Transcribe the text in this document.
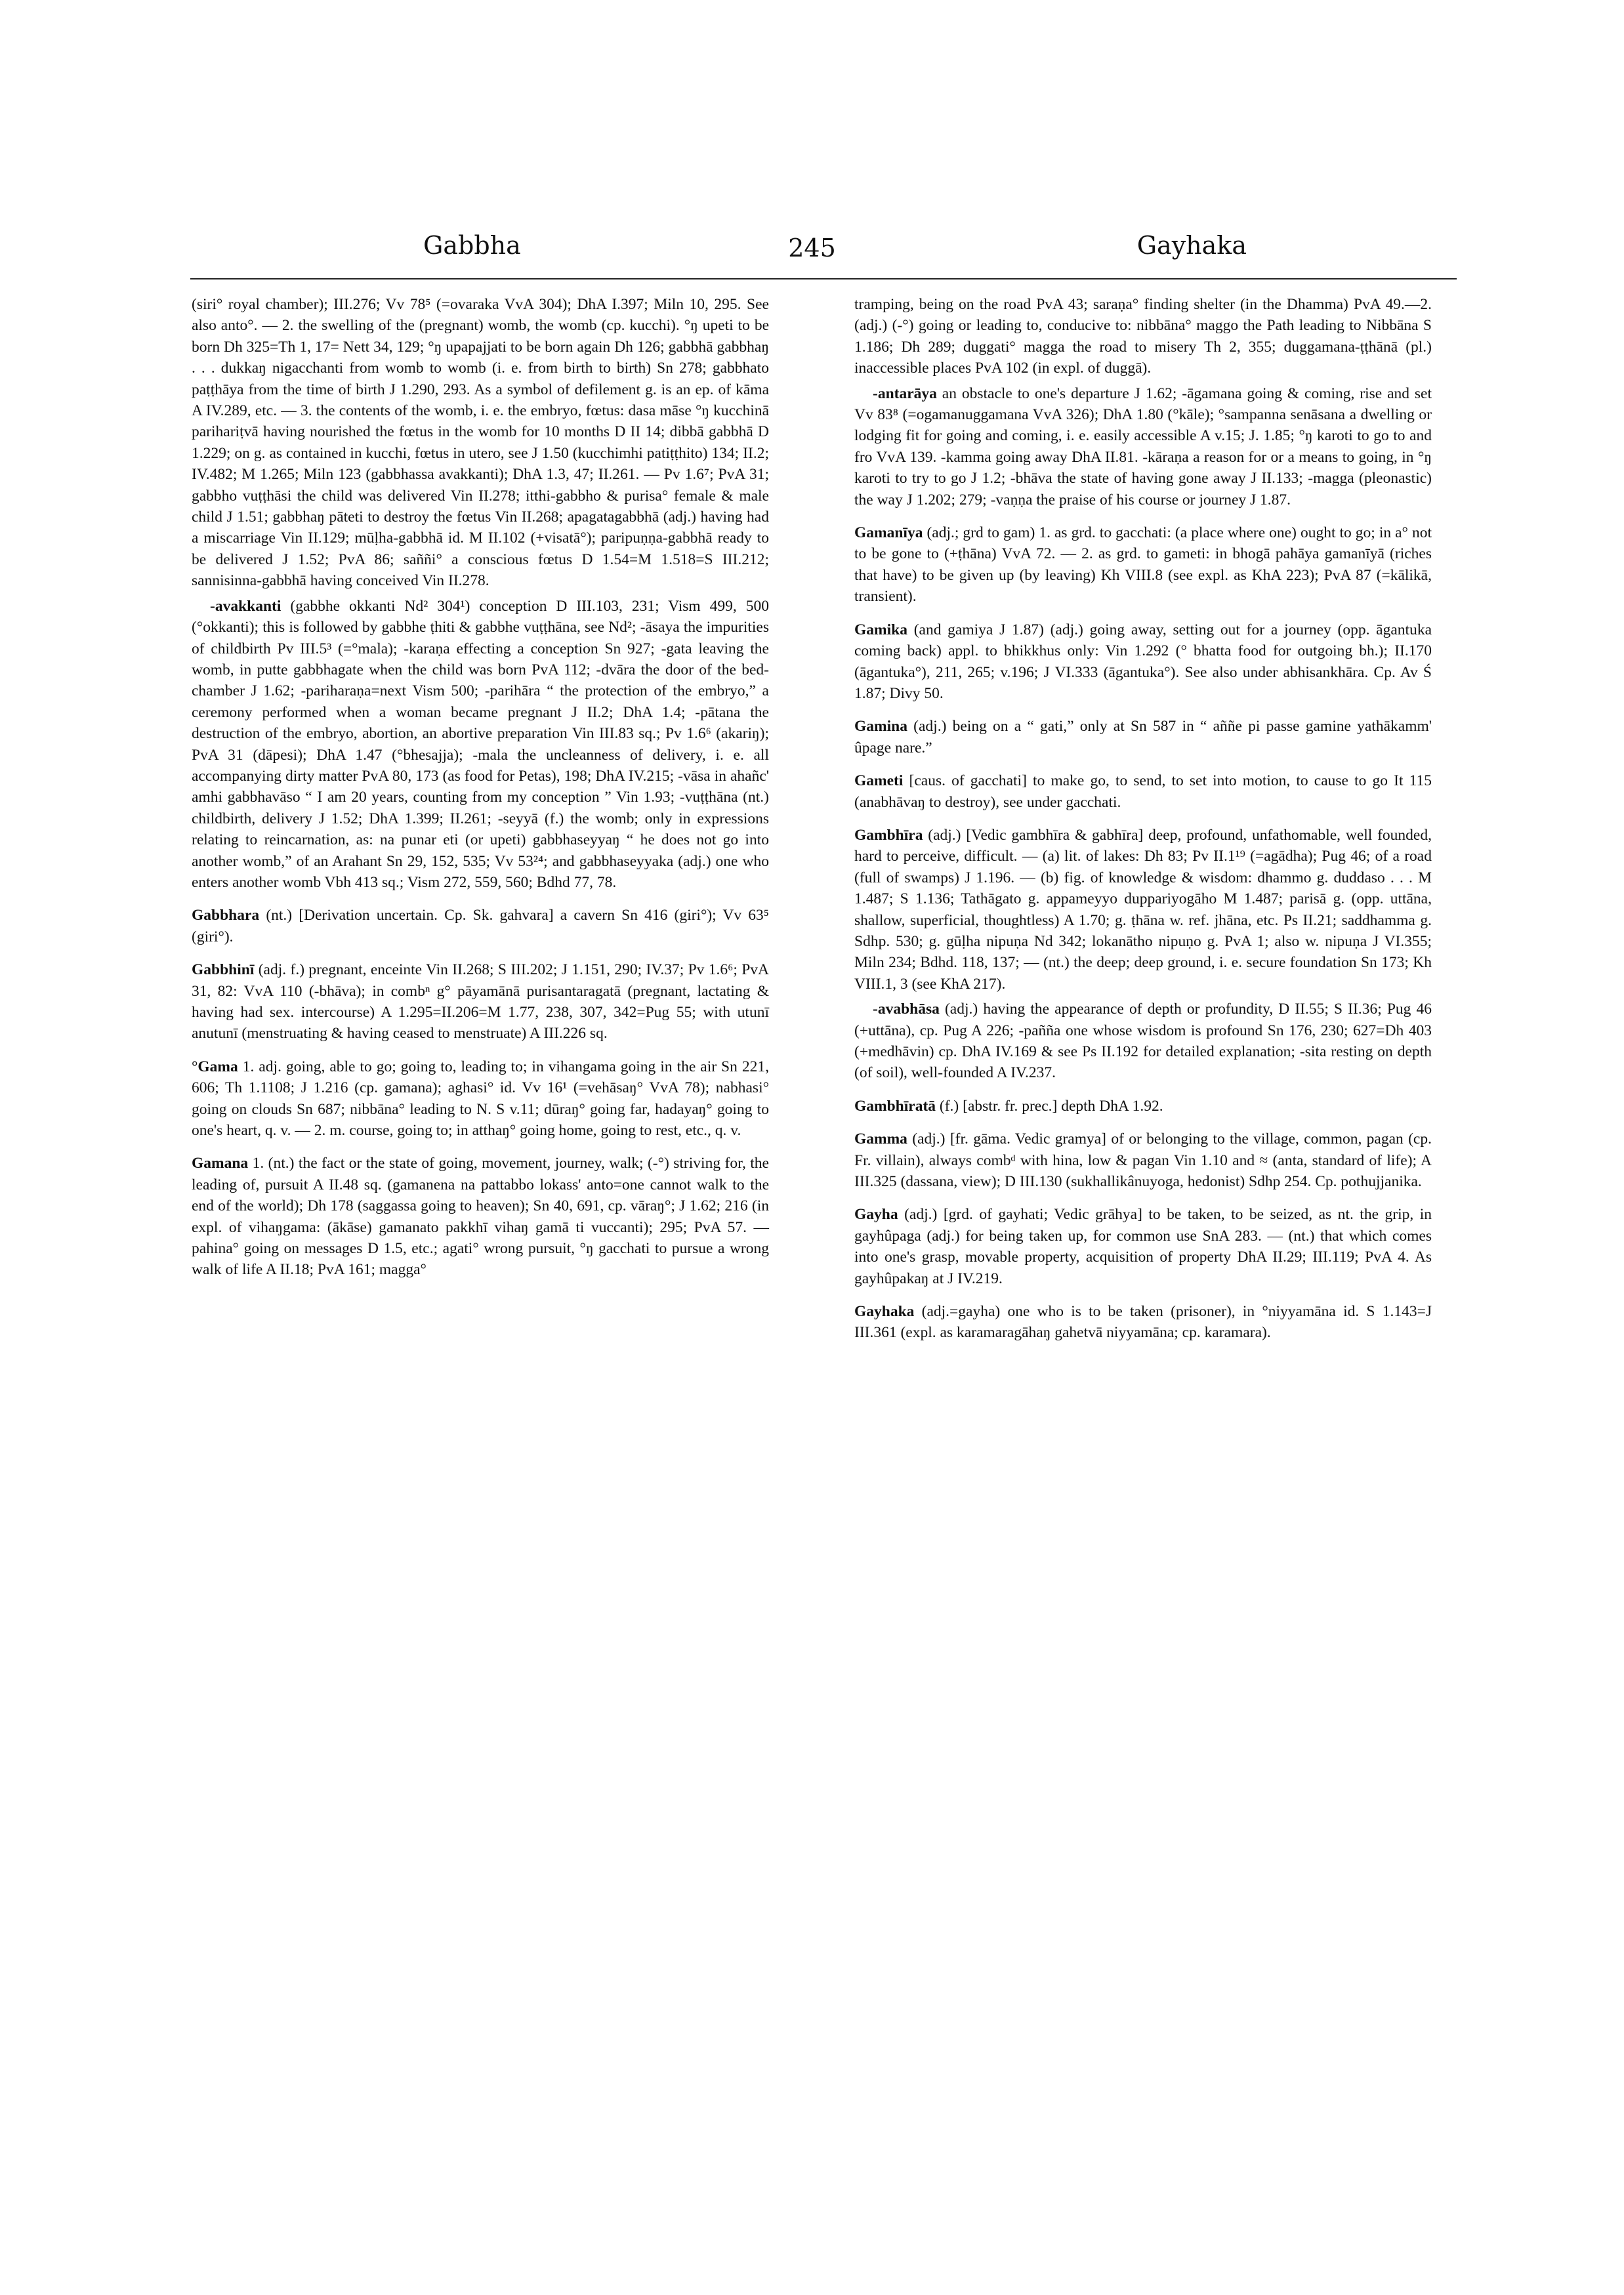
Gabbha	245	Gayhaka

(siri° royal chamber); III.276; Vv 78⁵ (=ovaraka VvA 304); DhA I.397; Miln 10, 295. See also anto°. — 2. the swelling of the (pregnant) womb, the womb (cp. kucchi). °ŋ upeti to be born Dh 325=Th 1, 17= Nett 34, 129; °ŋ upapajjati to be born again Dh 126; gabbhā gabbhaŋ . . . dukkaŋ nigacchanti from womb to womb (i. e. from birth to birth) Sn 278; gabbhato paṭṭhāya from the time of birth J 1.290, 293. As a symbol of defilement g. is an ep. of kāma A IV.289, etc. — 3. the contents of the womb, i. e. the embryo, fœtus: dasa māse °ŋ kucchinā parihariṭvā having nourished the fœtus in the womb for 10 months D II 14; dibbā gabbhā D 1.229; on g. as contained in kucchi, fœtus in utero, see J 1.50 (kucchimhi patiṭṭhito) 134; II.2; IV.482; M 1.265; Miln 123 (gabbhassa avakkanti); DhA 1.3, 47; II.261. — Pv 1.6⁷; PvA 31; gabbho vuṭṭhāsi the child was delivered Vin II.278; itthi-gabbho & purisa° female & male child J 1.51; gabbhaŋ pāteti to destroy the fœtus Vin II.268; apagatagabbhā (adj.) having had a miscarriage Vin II.129; mūḷha-gabbhā id. M II.102 (+visatā°); paripuṇṇa-gabbhā ready to be delivered J 1.52; PvA 86; saññi° a conscious fœtus D 1.54=M 1.518=S III.212; sannisinna-gabbhā having conceived Vin II.278.

-avakkanti (gabbhe okkanti Nd² 304¹) conception D III.103, 231; Vism 499, 500 (°okkanti); this is followed by gabbhe ṭhiti & gabbhe vuṭṭhāna, see Nd²; -āsaya the impurities of childbirth Pv III.5³ (=°mala); -karaṇa effecting a conception Sn 927; -gata leaving the womb, in putte gabbhagate when the child was born PvA 112; -dvāra the door of the bed-chamber J 1.62; -pariharaṇa=next Vism 500; -parihāra “ the protection of the embryo,” a ceremony performed when a woman became pregnant J II.2; DhA 1.4; -pātana the destruction of the embryo, abortion, an abortive preparation Vin III.83 sq.; Pv 1.6⁶ (akariŋ); PvA 31 (dāpesi); DhA 1.47 (°bhesajja); -mala the uncleanness of delivery, i. e. all accompanying dirty matter PvA 80, 173 (as food for Petas), 198; DhA IV.215; -vāsa in ahañc' amhi gabbhavāso “ I am 20 years, counting from my conception ” Vin 1.93; -vuṭṭhāna (nt.) childbirth, delivery J 1.52; DhA 1.399; II.261; -seyyā (f.) the womb; only in expressions relating to reincarnation, as: na punar eti (or upeti) gabbhaseyyaŋ “ he does not go into another womb,” of an Arahant Sn 29, 152, 535; Vv 53²⁴; and gabbhaseyyaka (adj.) one who enters another womb Vbh 413 sq.; Vism 272, 559, 560; Bdhd 77, 78.

Gabbhara (nt.) [Derivation uncertain. Cp. Sk. gahvara] a cavern Sn 416 (giri°); Vv 63⁵ (giri°).

Gabbhinī (adj. f.) pregnant, enceinte Vin II.268; S III.202; J 1.151, 290; IV.37; Pv 1.6⁶; PvA 31, 82: VvA 110 (-bhāva); in combⁿ g° pāyamānā purisantaragatā (pregnant, lactating & having had sex. intercourse) A 1.295=II.206=M 1.77, 238, 307, 342=Pug 55; with utunī anutunī (menstruating & having ceased to menstruate) A III.226 sq.

°Gama 1. adj. going, able to go; going to, leading to; in vihangama going in the air Sn 221, 606; Th 1.1108; J 1.216 (cp. gamana); aghasi° id. Vv 16¹ (=vehāsaŋ° VvA 78); nabhasi° going on clouds Sn 687; nibbāna° leading to N. S v.11; dūraŋ° going far, hadayaŋ° going to one's heart, q. v. — 2. m. course, going to; in atthaŋ° going home, going to rest, etc., q. v.

Gamana 1. (nt.) the fact or the state of going, movement, journey, walk; (-°) striving for, the leading of, pursuit A II.48 sq. (gamanena na pattabbo lokass' anto=one cannot walk to the end of the world); Dh 178 (saggassa going to heaven); Sn 40, 691, cp. vāraŋ°; J 1.62; 216 (in expl. of vihaŋgama: (ākāse) gamanato pakkhī vihaŋ gamā ti vuccanti); 295; PvA 57. — pahina° going on messages D 1.5, etc.; agati° wrong pursuit, °ŋ gacchati to pursue a wrong walk of life A II.18; PvA 161; magga°

tramping, being on the road PvA 43; saraṇa° finding shelter (in the Dhamma) PvA 49.—2. (adj.) (-°) going or leading to, conducive to: nibbāna° maggo the Path leading to Nibbāna S 1.186; Dh 289; duggati° magga the road to misery Th 2, 355; duggamana-ṭṭhānā (pl.) inaccessible places PvA 102 (in expl. of duggā).

-antarāya an obstacle to one's departure J 1.62; -āgamana going & coming, rise and set Vv 83⁸ (=ogamanuggamana VvA 326); DhA 1.80 (°kāle); °sampanna senāsana a dwelling or lodging fit for going and coming, i. e. easily accessible A v.15; J. 1.85; °ŋ karoti to go to and fro VvA 139. -kamma going away DhA II.81. -kāraṇa a reason for or a means to going, in °ŋ karoti to try to go J 1.2; -bhāva the state of having gone away J II.133; -magga (pleonastic) the way J 1.202; 279; -vaṇṇa the praise of his course or journey J 1.87.

Gamanīya (adj.; grd to gam) 1. as grd. to gacchati: (a place where one) ought to go; in a° not to be gone to (+ṭhāna) VvA 72. — 2. as grd. to gameti: in bhogā pahāya gamanīyā (riches that have) to be given up (by leaving) Kh VIII.8 (see expl. as KhA 223); PvA 87 (=kālikā, transient).

Gamika (and gamiya J 1.87) (adj.) going away, setting out for a journey (opp. āgantuka coming back) appl. to bhikkhus only: Vin 1.292 (° bhatta food for outgoing bh.); II.170 (āgantuka°), 211, 265; v.196; J VI.333 (āgantuka°). See also under abhisankhāra. Cp. Av Ś 1.87; Divy 50.

Gamina (adj.) being on a “ gati,” only at Sn 587 in “ aññe pi passe gamine yathākamm' ûpage nare.”

Gameti [caus. of gacchati] to make go, to send, to set into motion, to cause to go It 115 (anabhāvaŋ to destroy), see under gacchati.

Gambhīra (adj.) [Vedic gambhīra & gabhīra] deep, profound, unfathomable, well founded, hard to perceive, difficult. — (a) lit. of lakes: Dh 83; Pv II.1¹⁹ (=agādha); Pug 46; of a road (full of swamps) J 1.196. — (b) fig. of knowledge & wisdom: dhammo g. duddaso . . . M 1.487; S 1.136; Tathāgato g. appameyyo duppariyogāho M 1.487; parisā g. (opp. uttāna, shallow, superficial, thoughtless) A 1.70; g. ṭhāna w. ref. jhāna, etc. Ps II.21; saddhamma g. Sdhp. 530; g. gūḷha nipuṇa Nd 342; lokanātho nipuṇo g. PvA 1; also w. nipuṇa J VI.355; Miln 234; Bdhd. 118, 137; — (nt.) the deep; deep ground, i. e. secure foundation Sn 173; Kh VIII.1, 3 (see KhA 217).

-avabhāsa (adj.) having the appearance of depth or profundity, D II.55; S II.36; Pug 46 (+uttāna), cp. Pug A 226; -pañña one whose wisdom is profound Sn 176, 230; 627=Dh 403 (+medhāvin) cp. DhA IV.169 & see Ps II.192 for detailed explanation; -sita resting on depth (of soil), well-founded A IV.237.

Gambhīratā (f.) [abstr. fr. prec.] depth DhA 1.92.

Gamma (adj.) [fr. gāma. Vedic gramya] of or belonging to the village, common, pagan (cp. Fr. villain), always combᵈ with hina, low & pagan Vin 1.10 and ≈ (anta, standard of life); A III.325 (dassana, view); D III.130 (sukhallikânuyoga, hedonist) Sdhp 254. Cp. pothujjanika.

Gayha (adj.) [grd. of gayhati; Vedic grāhya] to be taken, to be seized, as nt. the grip, in gayhûpaga (adj.) for being taken up, for common use SnA 283. — (nt.) that which comes into one's grasp, movable property, acquisition of property DhA II.29; III.119; PvA 4. As gayhûpakaŋ at J IV.219.

Gayhaka (adj.=gayha) one who is to be taken (prisoner), in °niyyamāna id. S 1.143=J III.361 (expl. as karamaragāhaŋ gahetvā niyyamāna; cp. karamara).
